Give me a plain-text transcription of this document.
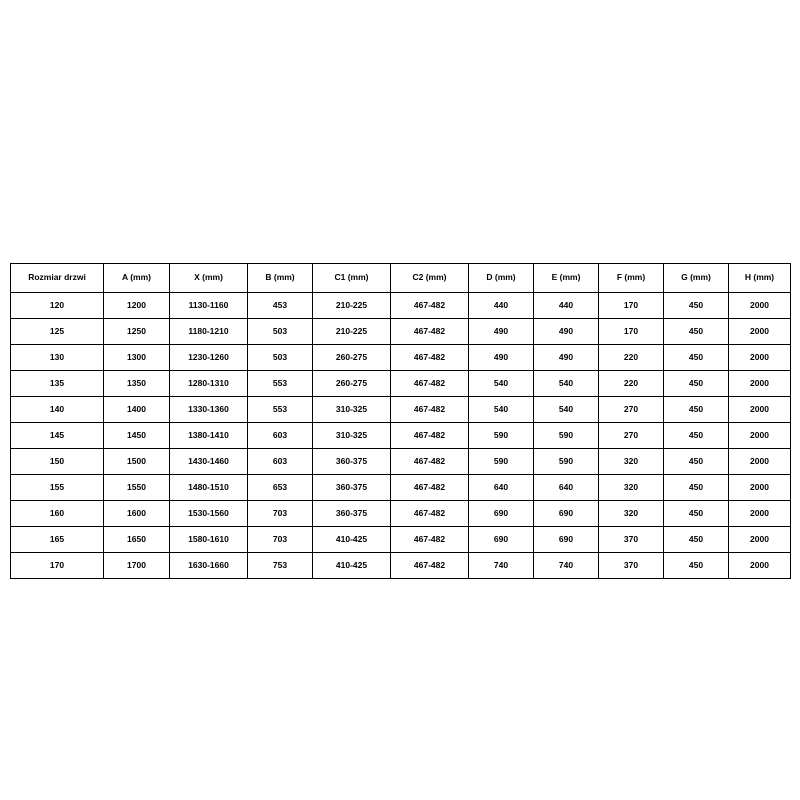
Rozmiar drzwi	A (mm)	X (mm)	B (mm)	C1 (mm)	C2 (mm)	D (mm)	E (mm)	F (mm)	G (mm)	H (mm)
120	1200	1130-1160	453	210-225	467-482	440	440	170	450	2000
125	1250	1180-1210	503	210-225	467-482	490	490	170	450	2000
130	1300	1230-1260	503	260-275	467-482	490	490	220	450	2000
135	1350	1280-1310	553	260-275	467-482	540	540	220	450	2000
140	1400	1330-1360	553	310-325	467-482	540	540	270	450	2000
145	1450	1380-1410	603	310-325	467-482	590	590	270	450	2000
150	1500	1430-1460	603	360-375	467-482	590	590	320	450	2000
155	1550	1480-1510	653	360-375	467-482	640	640	320	450	2000
160	1600	1530-1560	703	360-375	467-482	690	690	320	450	2000
165	1650	1580-1610	703	410-425	467-482	690	690	370	450	2000
170	1700	1630-1660	753	410-425	467-482	740	740	370	450	2000
